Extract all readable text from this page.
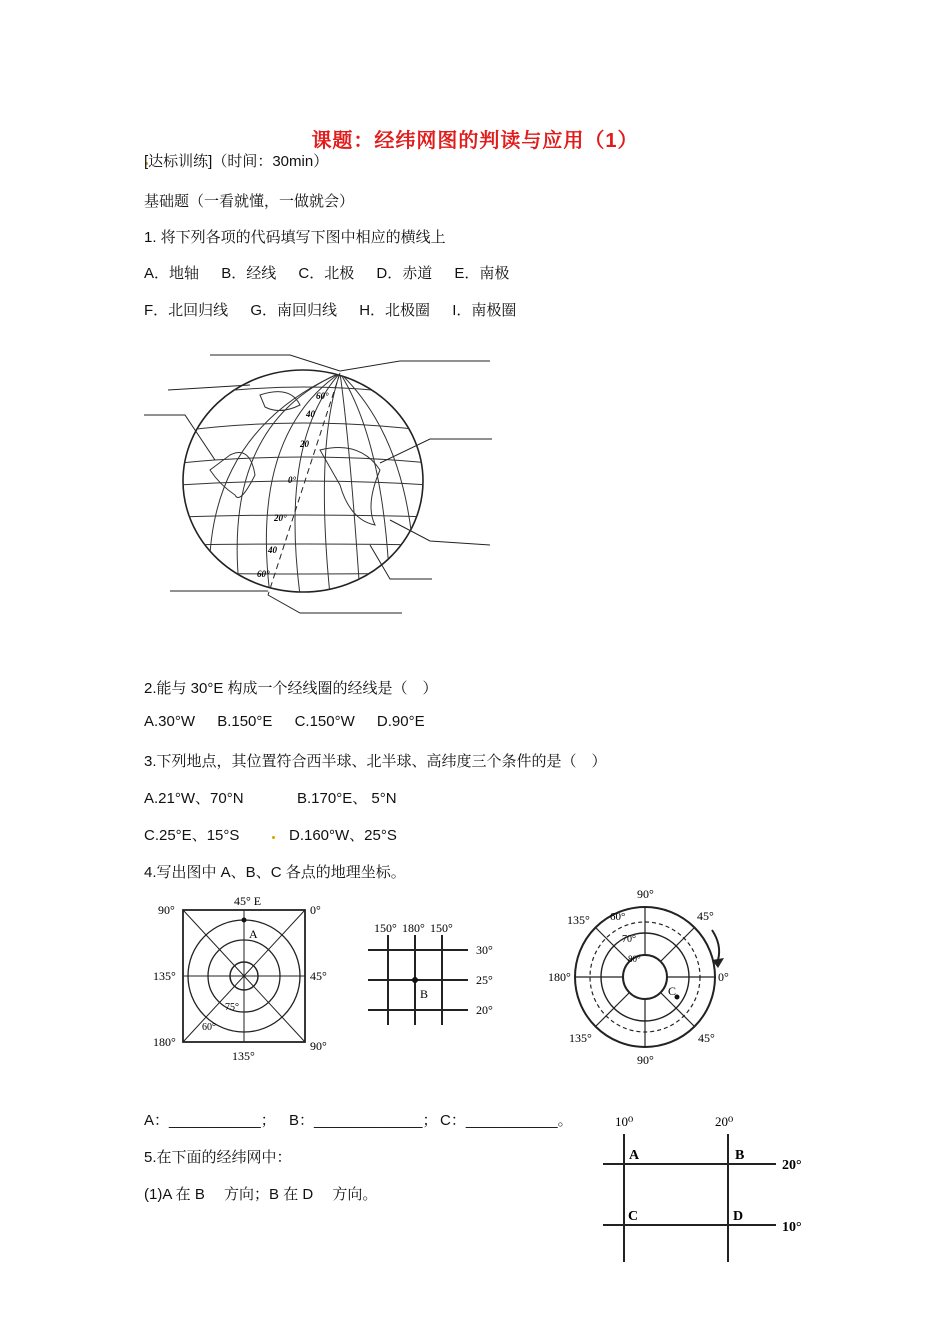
课题：经纬网图的判读与应用（1）
[达标训练]（时间：30min）
基础题（一看就懂，一做就会）
1. 将下列各项的代码填写下图中相应的横线上
A．地轴 B．经线 C．北极 D．赤道 E．南极
F．北回归线 G．南回归线 H．北极圈 I．南极圈
60°
40
20
0°
20°
40
60°
2.能与 30°E 构成一个经线圈的经线是（　）
A.30°W B.150°E C.150°W D.90°E
3.下列地点，其位置符合西半球、北半球、高纬度三个条件的是（　）
A.21°W、70°N	B.170°E、 5°N
C.25°E、15°S	D.160°W、25°S
4.写出图中 A、B、C 各点的地理坐标。
45° E
90°	0°
135°	45°
180°	90°
135°
A
75°
60°
150° 180° 150°
30°
25°
20°
B
90°
135°	45°
180°	0°
135°	45°
90°
60°
70°
80°
C
A：___________； B：_____________； C：___________。
5.在下面的经纬网中：
(1)A 在 B　 方向；B 在 D　 方向。
10⁰	20⁰
20°
10°
A	B
C	D
